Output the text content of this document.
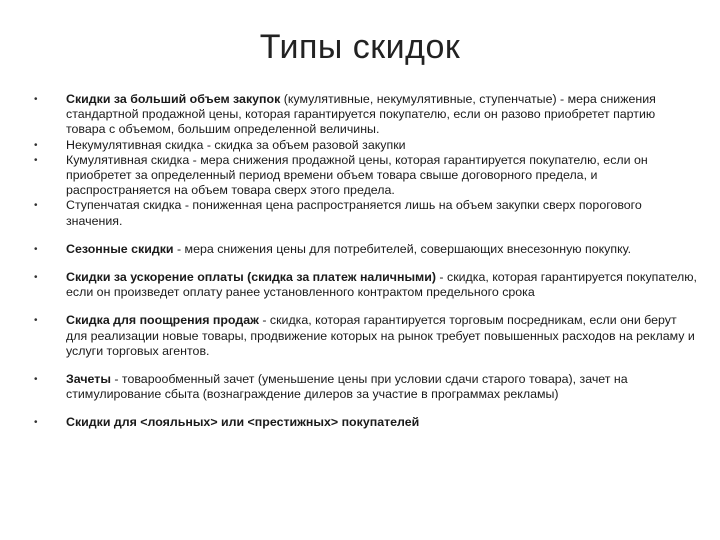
Типы скидок
•	Скидки за больший объем закупок (кумулятивные, некумулятивные, ступенчатые) - мера снижения стандартной продажной цены, которая гарантируется покупателю, если он разово приобретет партию товара с объемом, большим определенной величины.
•	Некумулятивная скидка - скидка за объем разовой закупки
•	Кумулятивная скидка - мера снижения продажной цены, которая гарантируется покупателю, если он приобретет за определенный период времени объем товара свыше договорного предела, и распространяется на объем товара сверх этого предела.
•	Ступенчатая скидка - пониженная цена распространяется лишь на объем закупки сверх порогового значения.
•	Сезонные скидки - мера снижения цены для потребителей, совершающих внесезонную покупку.
•	Скидки за ускорение оплаты (скидка за платеж наличными) - скидка, которая гарантируется покупателю, если он произведет оплату ранее установленного контрактом предельного срока
•	Скидка для поощрения продаж - скидка, которая гарантируется торговым посредникам, если они берут для реализации новые товары, продвижение которых на рынок требует повышенных расходов на рекламу и услуги торговых агентов.
•	Зачеты - товарообменный зачет (уменьшение цены при условии сдачи старого товара), зачет на стимулирование сбыта (вознаграждение дилеров за участие в программах рекламы)
•	Скидки для <лояльных> или <престижных> покупателей
